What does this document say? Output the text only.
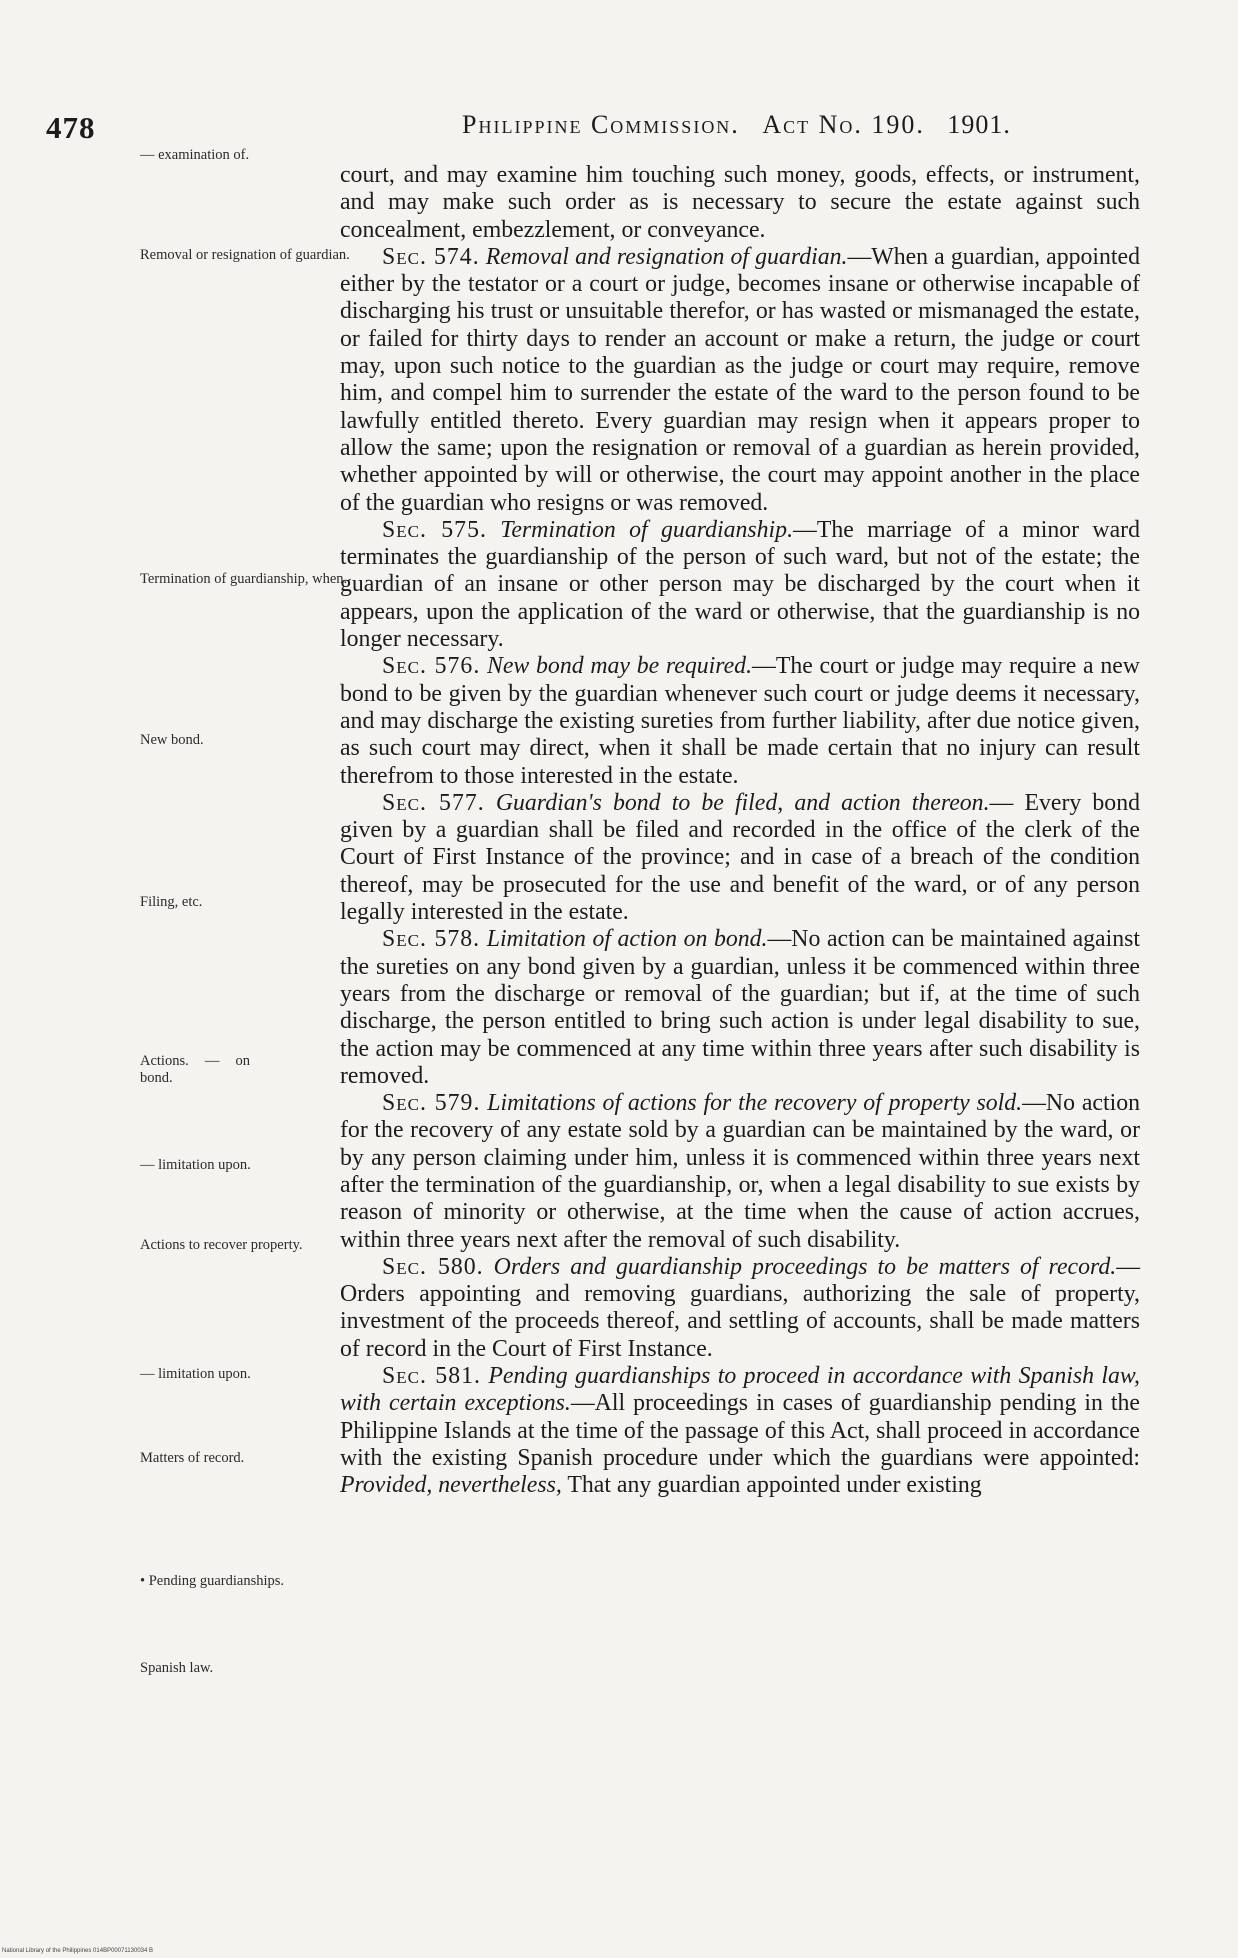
478	Philippine Commission. Act No. 190. 1901.
— examination of.
Removal or resignation of guardian.
Termination of guardianship, when.
New bond.
Filing, etc.
Actions. — on bond.
— limitation upon.
Actions to recover property.
— limitation upon.
Matters of record.
• Pending guardianships.
Spanish law.

court, and may examine him touching such money, goods, effects, or instrument, and may make such order as is necessary to secure the estate against such concealment, embezzlement, or conveyance.

Sec. 574. Removal and resignation of guardian.—When a guardian, appointed either by the testator or a court or judge, becomes insane or otherwise incapable of discharging his trust or unsuitable therefor, or has wasted or mismanaged the estate, or failed for thirty days to render an account or make a return, the judge or court may, upon such notice to the guardian as the judge or court may require, remove him, and compel him to surrender the estate of the ward to the person found to be lawfully entitled thereto. Every guardian may resign when it appears proper to allow the same; upon the resignation or removal of a guardian as herein provided, whether appointed by will or otherwise, the court may appoint another in the place of the guardian who resigns or was removed.

Sec. 575. Termination of guardianship.—The marriage of a minor ward terminates the guardianship of the person of such ward, but not of the estate; the guardian of an insane or other person may be discharged by the court when it appears, upon the application of the ward or otherwise, that the guardianship is no longer necessary.

Sec. 576. New bond may be required.—The court or judge may require a new bond to be given by the guardian whenever such court or judge deems it necessary, and may discharge the existing sureties from further liability, after due notice given, as such court may direct, when it shall be made certain that no injury can result therefrom to those interested in the estate.

Sec. 577. Guardian's bond to be filed, and action thereon.— Every bond given by a guardian shall be filed and recorded in the office of the clerk of the Court of First Instance of the province; and in case of a breach of the condition thereof, may be prosecuted for the use and benefit of the ward, or of any person legally interested in the estate.

Sec. 578. Limitation of action on bond.—No action can be maintained against the sureties on any bond given by a guardian, unless it be commenced within three years from the discharge or removal of the guardian; but if, at the time of such discharge, the person entitled to bring such action is under legal disability to sue, the action may be commenced at any time within three years after such disability is removed.

Sec. 579. Limitations of actions for the recovery of property sold.—No action for the recovery of any estate sold by a guardian can be maintained by the ward, or by any person claiming under him, unless it is commenced within three years next after the termination of the guardianship, or, when a legal disability to sue exists by reason of minority or otherwise, at the time when the cause of action accrues, within three years next after the removal of such disability.

Sec. 580. Orders and guardianship proceedings to be matters of record.—Orders appointing and removing guardians, authorizing the sale of property, investment of the proceeds thereof, and settling of accounts, shall be made matters of record in the Court of First Instance.

Sec. 581. Pending guardianships to proceed in accordance with Spanish law, with certain exceptions.—All proceedings in cases of guardianship pending in the Philippine Islands at the time of the passage of this Act, shall proceed in accordance with the existing Spanish procedure under which the guardians were appointed: Provided, nevertheless, That any guardian appointed under existing

National Library of the Philippines 014BP00071130034 B
